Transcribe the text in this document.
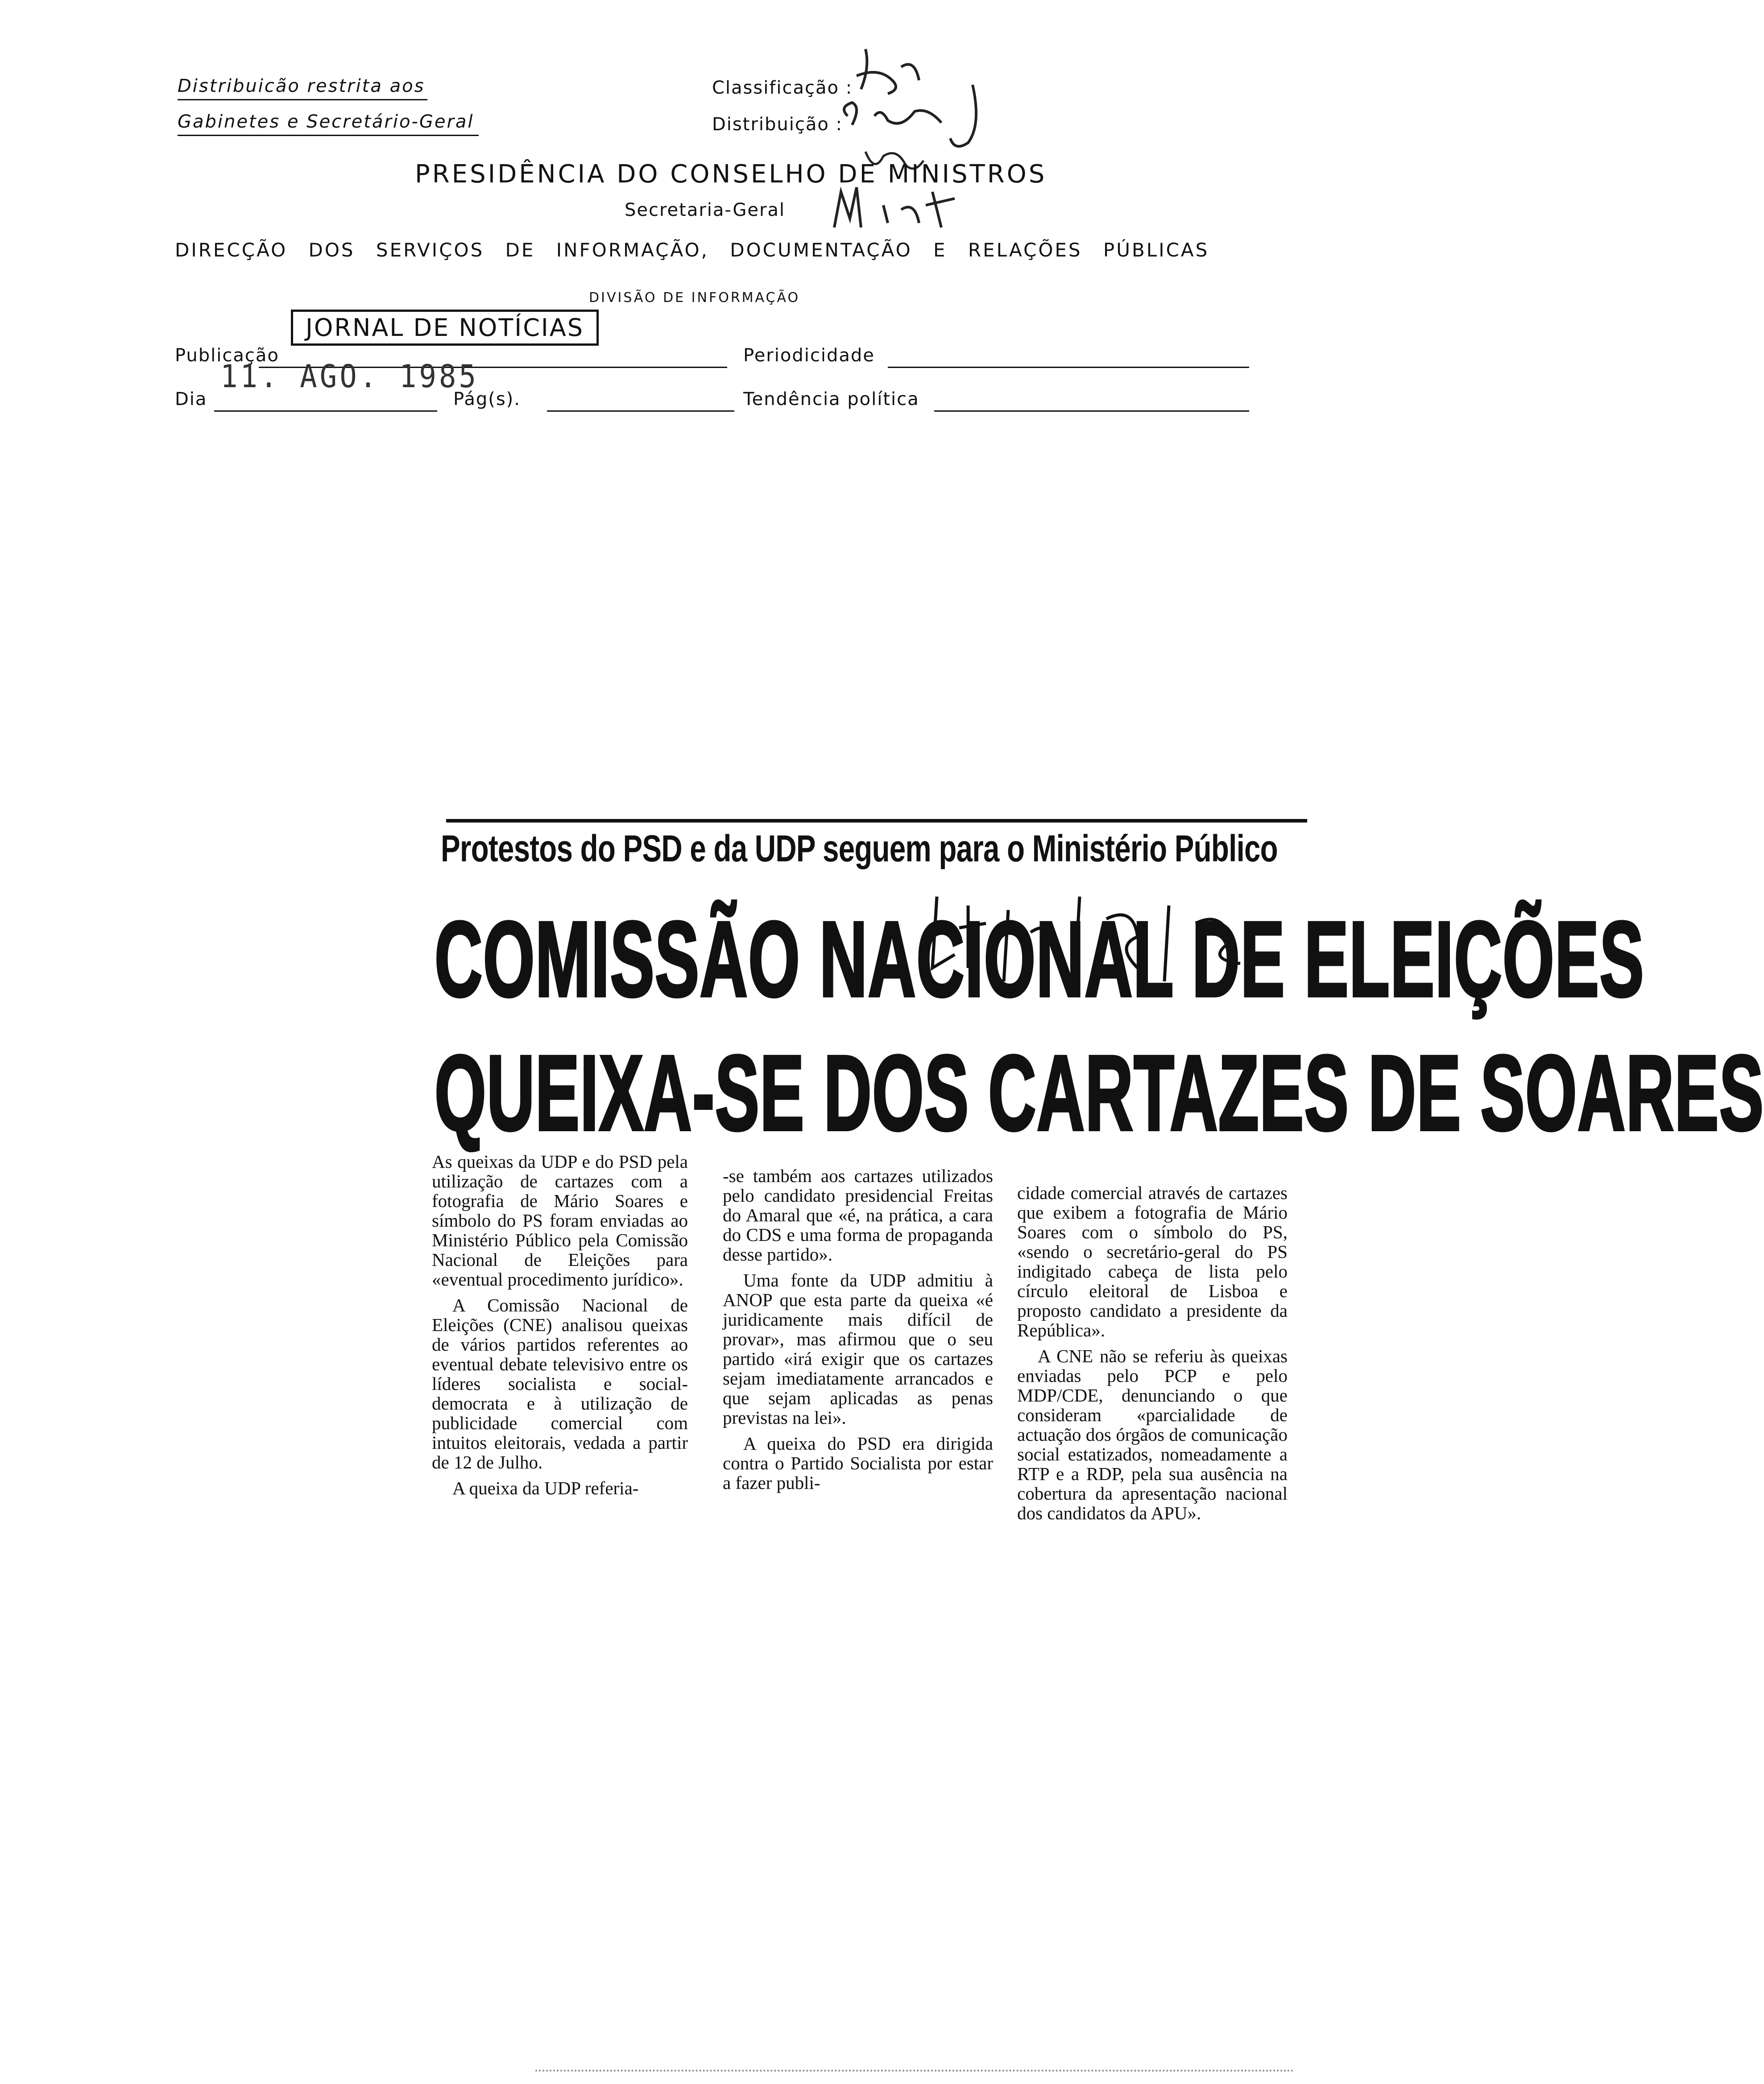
Distribuicão restrita aos
Gabinetes e Secretário-Geral
Classificação :
Distribuição :
PRESIDÊNCIA DO CONSELHO DE MINISTROS
Secretaria-Geral
DIRECÇÃO DOS SERVIÇOS DE INFORMAÇÃO, DOCUMENTAÇÃO E RELAÇÕES PÚBLICAS
DIVISÃO DE INFORMAÇÃO
Publicação
JORNAL DE NOTÍCIAS
Periodicidade
11. AGO. 1985
Dia	Pág(s).	Tendência política
Protestos do PSD e da UDP seguem para o Ministério Público
COMISSÃO NACIONAL DE ELEIÇÕES
QUEIXA-SE DOS CARTAZES DE SOARES

As queixas da UDP e do PSD pela utilização de cartazes com a fotografia de Mário Soares e símbolo do PS foram enviadas ao Ministério Público pela Comissão Nacional de Eleições para «eventual procedimento jurídico».

A Comissão Nacional de Eleições (CNE) analisou queixas de vários partidos referentes ao eventual debate televisivo entre os líderes socialista e social-democrata e à utilização de publicidade comercial com intuitos eleitorais, vedada a partir de 12 de Julho.

A queixa da UDP referia-

-se também aos cartazes utilizados pelo candidato presidencial Freitas do Amaral que «é, na prática, a cara do CDS e uma forma de propaganda desse partido».

Uma fonte da UDP admitiu à ANOP que esta parte da queixa «é juridicamente mais difícil de provar», mas afirmou que o seu partido «irá exigir que os cartazes sejam imediatamente arrancados e que sejam aplicadas as penas previstas na lei».

A queixa do PSD era dirigida contra o Partido Socialista por estar a fazer publi-

cidade comercial através de cartazes que exibem a fotografia de Mário Soares com o símbolo do PS, «sendo o secretário-geral do PS indigitado cabeça de lista pelo círculo eleitoral de Lisboa e proposto candidato a presidente da República».

A CNE não se referiu às queixas enviadas pelo PCP e pelo MDP/CDE, denunciando o que consideram «parcialidade de actuação dos órgãos de comunicação social estatizados, nomeadamente a RTP e a RDP, pela sua ausência na cobertura da apresentação nacional dos candidatos da APU».
